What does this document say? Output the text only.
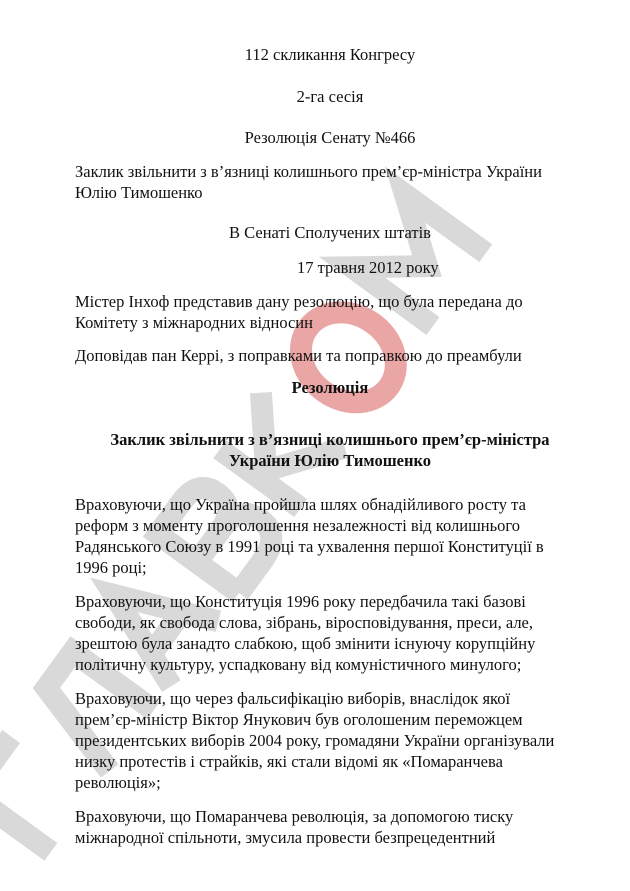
112 скликання Конгресу
2-га сесія
Резолюція Сенату №466
Заклик звільнити з в’язниці колишнього прем’єр-міністра України
Юлію Тимошенко
В Сенаті Сполучених штатів
17 травня 2012 року
Містер Інхоф представив дану резолюцію, що була передана до
Комітету з міжнародних відносин
Доповідав пан Керрі, з поправками та поправкою до преамбули
Резолюція
Заклик звільнити з в’язниці колишнього прем’єр-міністра
України Юлію Тимошенко
Враховуючи, що Україна пройшла шлях обнадійливого росту та
реформ з моменту проголошення незалежності від колишнього
Радянського Союзу в 1991 році та ухвалення першої Конституції в
1996 році;
Враховуючи, що Конституція 1996 року передбачила такі базові
свободи, як свобода слова, зібрань, віросповідування, преси, але,
зрештою була занадто слабкою, щоб змінити існуючу корупційну
політичну культуру, успадковану від комуністичного минулого;
Враховуючи, що через фальсифікацію виборів, внаслідок якої
прем’єр-міністр Віктор Янукович був оголошеним переможцем
президентських виборів 2004 року, громадяни України організували
низку протестів і страйків, які стали відомі як «Помаранчева
революція»;
Враховуючи, що Помаранчева революція, за допомогою тиску
міжнародної спільноти, змусила провести безпрецедентний
